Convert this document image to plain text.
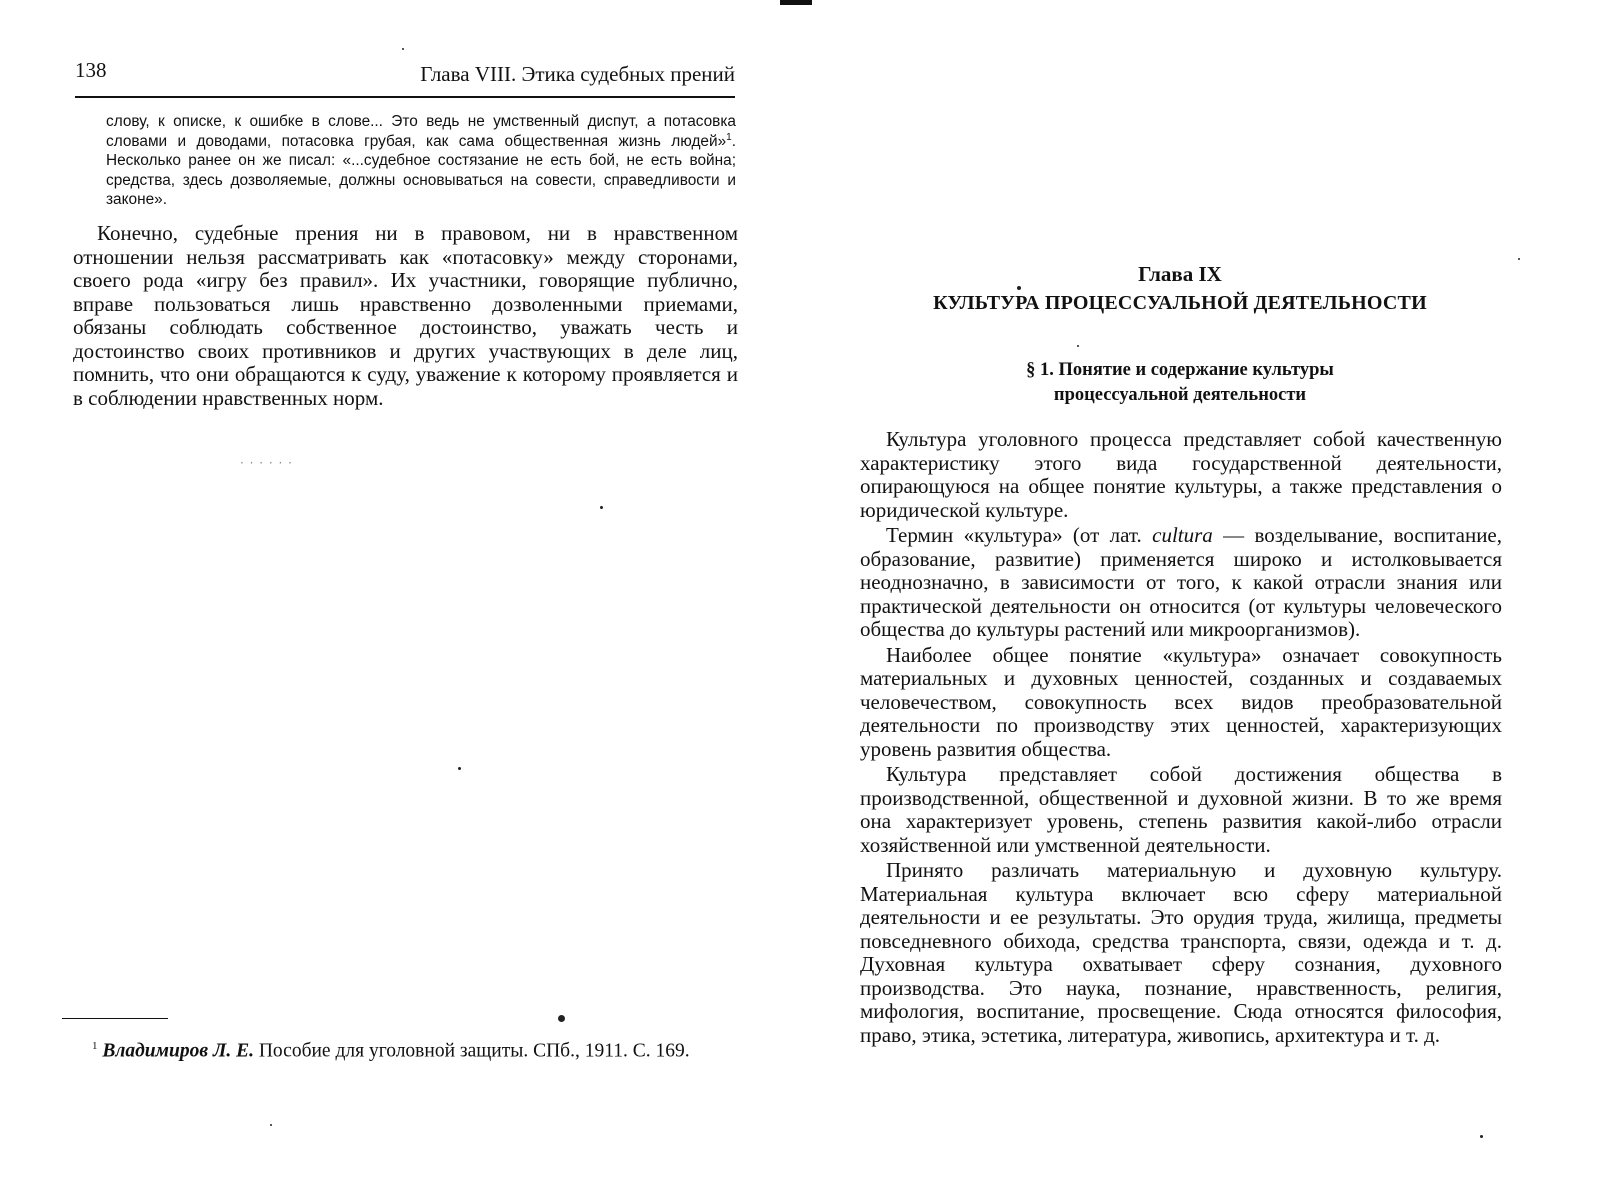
138	Глава VIII. Этика судебных прений
слову, к описке, к ошибке в слове... Это ведь не умственный диспут, а потасовка словами и доводами, потасовка грубая, как сама общественная жизнь людей»$^1$. Несколько ранее он же писал: «...судебное состязание не есть бой, не есть война; средства, здесь дозволяемые, должны основываться на совести, справедливости и законе».

Конечно, судебные прения ни в правовом, ни в нравственном отношении нельзя рассматривать как «потасовку» между сторонами, своего рода «игру без правил». Их участники, говорящие публично, вправе пользоваться лишь нравственно дозволенными приемами, обязаны соблюдать собственное достоинство, уважать честь и достоинство своих противников и других участвующих в деле лиц, помнить, что они обращаются к суду, уважение к которому проявляется и в соблюдении нравственных норм.

· · · · · ·
$^1$ Владимиров Л. Е. Пособие для уголовной защиты. СПб., 1911. С. 169.
Глава IX
КУЛЬТУРА ПРОЦЕССУАЛЬНОЙ ДЕЯТЕЛЬНОСТИ
§ 1. Понятие и содержание культуры
процессуальной деятельности

Культура уголовного процесса представляет собой качественную характеристику этого вида государственной деятельности, опирающуюся на общее понятие культуры, а также представления о юридической культуре.

Термин «культура» (от лат. cultura — возделывание, воспитание, образование, развитие) применяется широко и истолковывается неоднозначно, в зависимости от того, к какой отрасли знания или практической деятельности он относится (от культуры человеческого общества до культуры растений или микроорганизмов).

Наиболее общее понятие «культура» означает совокупность материальных и духовных ценностей, созданных и создаваемых человечеством, совокупность всех видов преобразовательной деятельности по производству этих ценностей, характеризующих уровень развития общества.

Культура представляет собой достижения общества в производственной, общественной и духовной жизни. В то же время она характеризует уровень, степень развития какой-либо отрасли хозяйственной или умственной деятельности.

Принято различать материальную и духовную культуру. Материальная культура включает всю сферу материальной деятельности и ее результаты. Это орудия труда, жилища, предметы повседневного обихода, средства транспорта, связи, одежда и т. д. Духовная культура охватывает сферу сознания, духовного производства. Это наука, познание, нравственность, религия, мифология, воспитание, просвещение. Сюда относятся философия, право, этика, эстетика, литература, живопись, архитектура и т. д.
